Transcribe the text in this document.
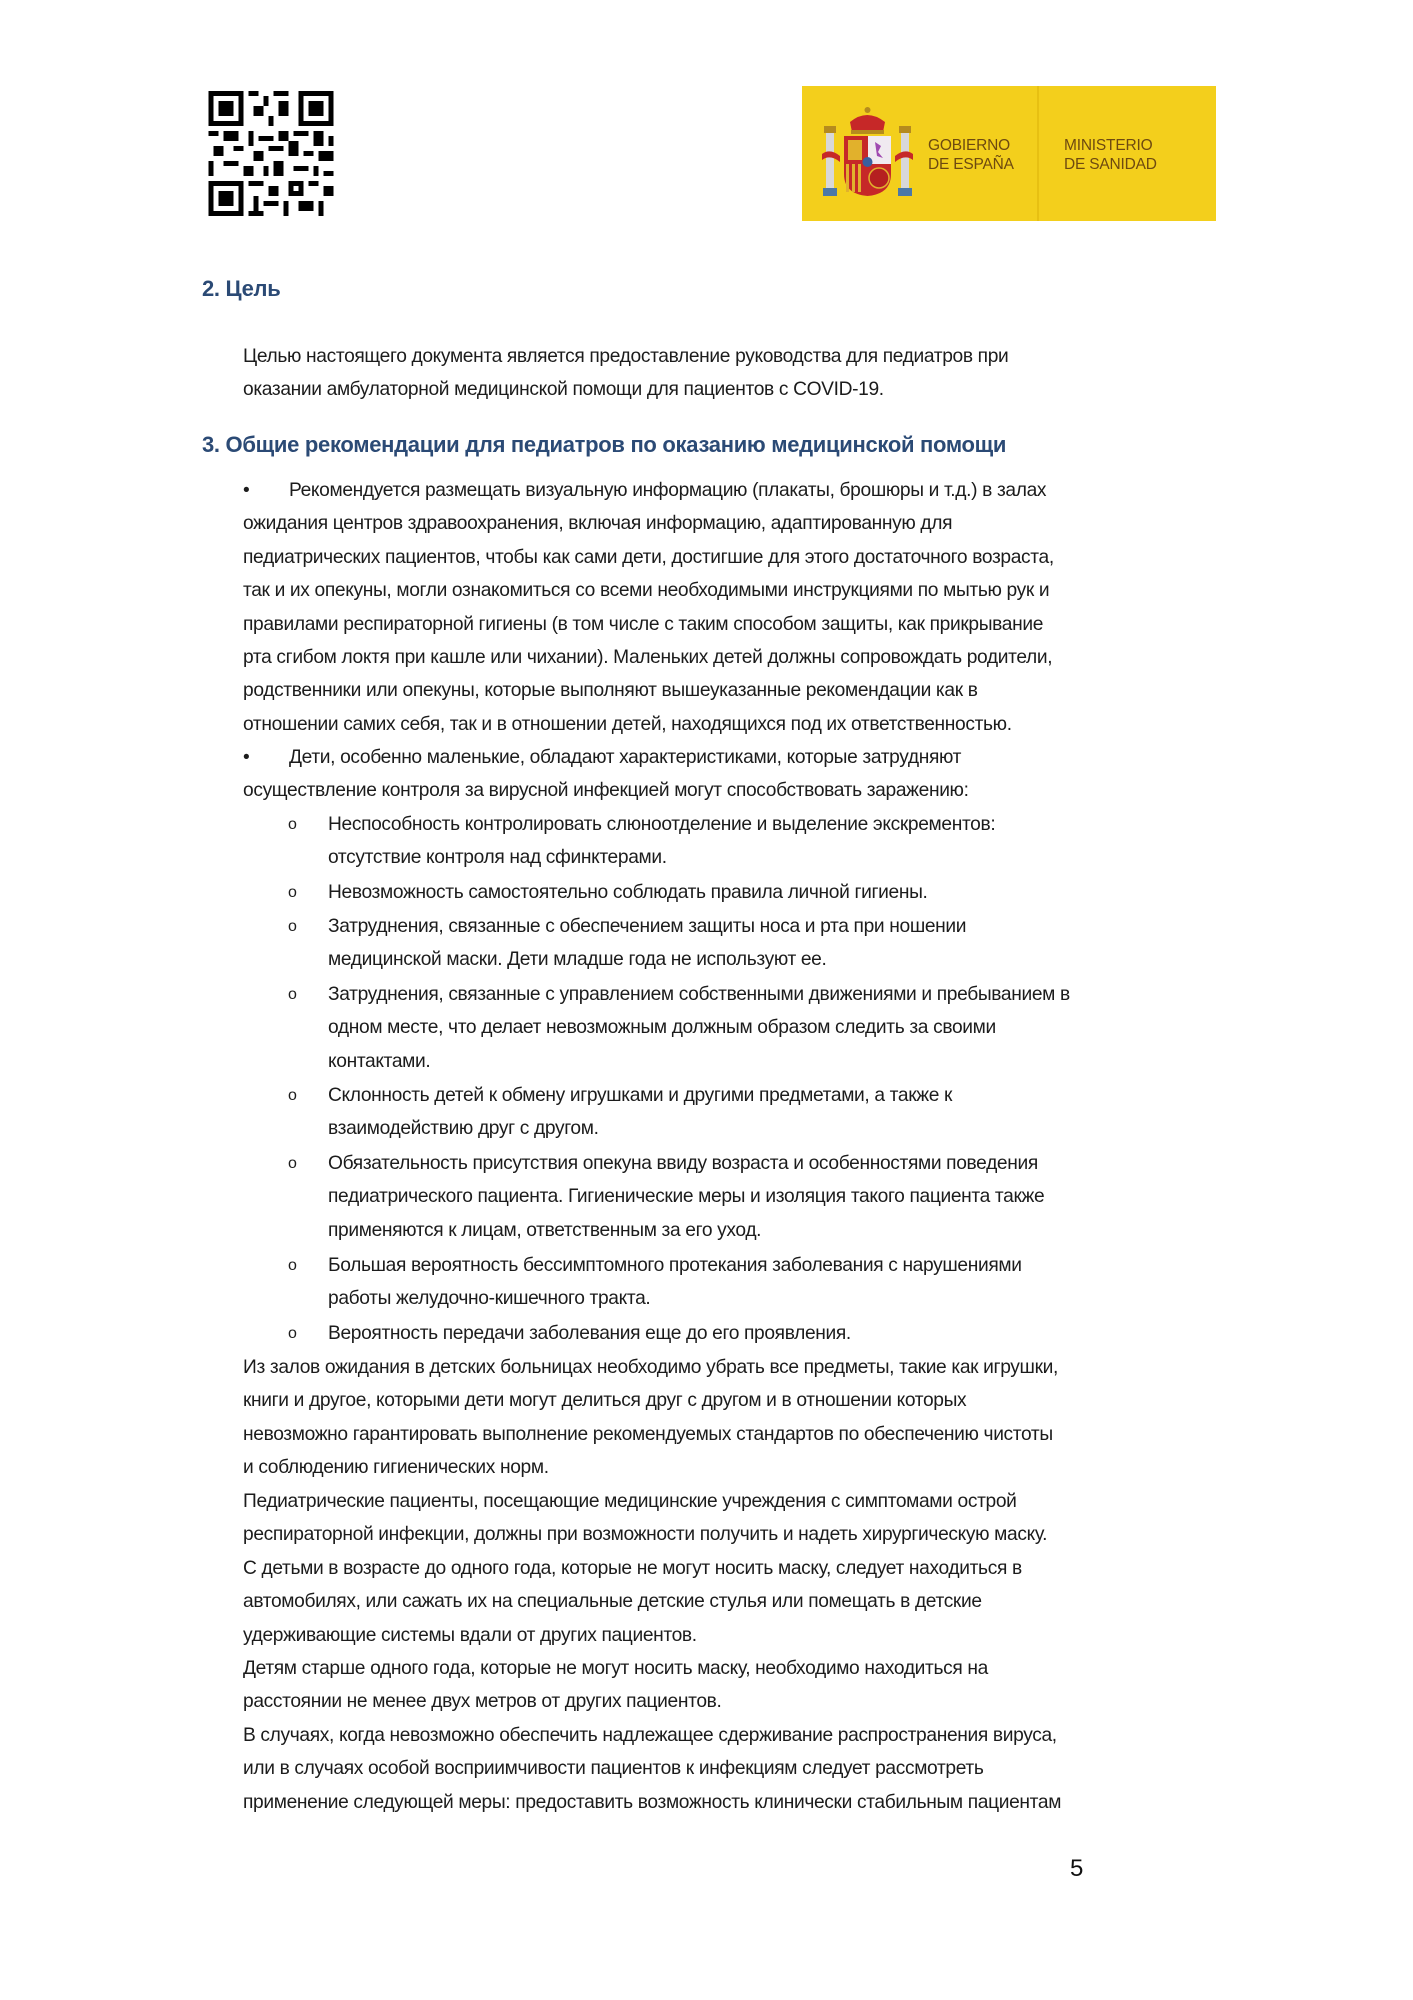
GOBIERNO
DE ESPAÑA
MINISTERIO
DE SANIDAD
2. Цель
Целью настоящего документа является предоставление руководства для педиатров при
оказании амбулаторной медицинской помощи для пациентов с COVID-19.
3. Общие рекомендации для педиатров по оказанию медицинской помощи
•	Рекомендуется размещать визуальную информацию (плакаты, брошюры и т.д.) в залах
ожидания центров здравоохранения, включая информацию, адаптированную для
педиатрических пациентов, чтобы как сами дети, достигшие для этого достаточного возраста,
так и их опекуны, могли ознакомиться со всеми необходимыми инструкциями по мытью рук и
правилами респираторной гигиены (в том числе с таким способом защиты, как прикрывание
рта сгибом локтя при кашле или чихании). Маленьких детей должны сопровождать родители,
родственники или опекуны, которые выполняют вышеуказанные рекомендации как в
отношении самих себя, так и в отношении детей, находящихся под их ответственностью.
•	Дети, особенно маленькие, обладают характеристиками, которые затрудняют
осуществление контроля за вирусной инфекцией могут способствовать заражению:
o	Неспособность контролировать слюноотделение и выделение экскрементов:
отсутствие контроля над сфинктерами.
o	Невозможность самостоятельно соблюдать правила личной гигиены.
o	Затруднения, связанные с обеспечением защиты носа и рта при ношении
медицинской маски. Дети младше года не используют ее.
o	Затруднения, связанные с управлением собственными движениями и пребыванием в
одном месте, что делает невозможным должным образом следить за своими
контактами.
o	Склонность детей к обмену игрушками и другими предметами, а также к
взаимодействию друг с другом.
o	Обязательность присутствия опекуна ввиду возраста и особенностями поведения
педиатрического пациента. Гигиенические меры и изоляция такого пациента также
применяются к лицам, ответственным за его уход.
o	Большая вероятность бессимптомного протекания заболевания с нарушениями
работы желудочно-кишечного тракта.
o	Вероятность передачи заболевания еще до его проявления.
Из залов ожидания в детских больницах необходимо убрать все предметы, такие как игрушки,
книги и другое, которыми дети могут делиться друг с другом и в отношении которых
невозможно гарантировать выполнение рекомендуемых стандартов по обеспечению чистоты
и соблюдению гигиенических норм.
Педиатрические пациенты, посещающие медицинские учреждения с симптомами острой
респираторной инфекции, должны при возможности получить и надеть хирургическую маску.
С детьми в возрасте до одного года, которые не могут носить маску, следует находиться в
автомобилях, или сажать их на специальные детские стулья или помещать в детские
удерживающие системы вдали от других пациентов.
Детям старше одного года, которые не могут носить маску, необходимо находиться на
расстоянии не менее двух метров от других пациентов.
В случаях, когда невозможно обеспечить надлежащее сдерживание распространения вируса,
или в случаях особой восприимчивости пациентов к инфекциям следует рассмотреть
применение следующей меры: предоставить возможность клинически стабильным пациентам
5
